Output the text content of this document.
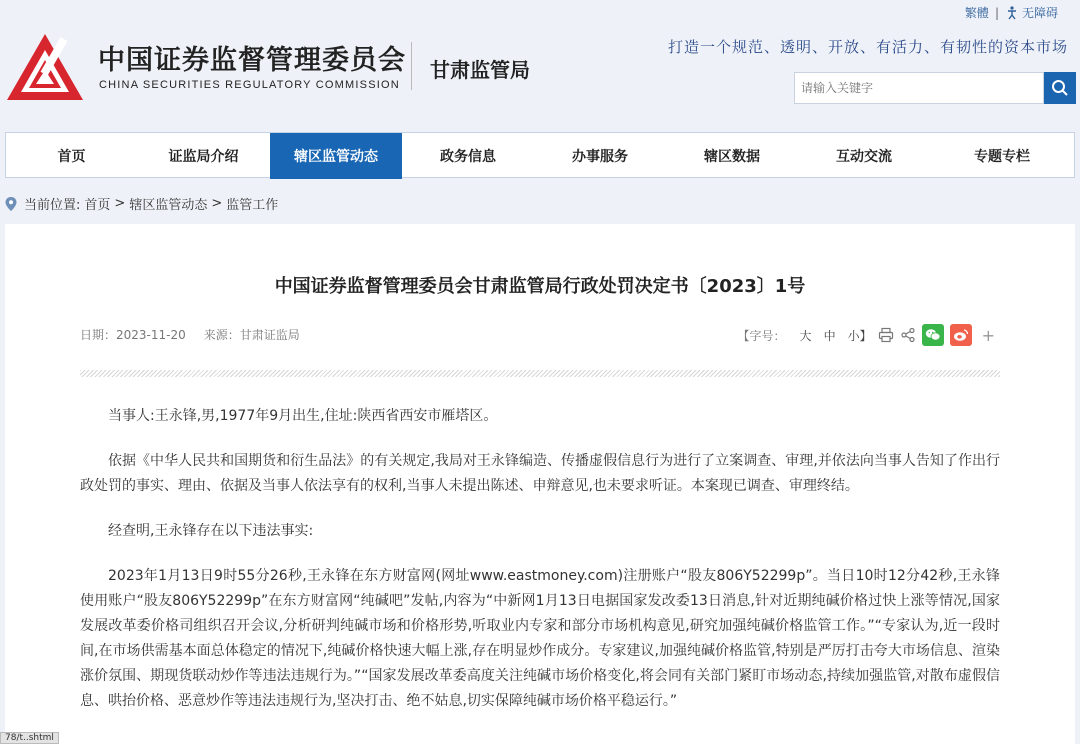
繁體 | 无障碍
中国证券监督管理委员会
CHINA SECURITIES REGULATORY COMMISSION
甘肃监管局
打造一个规范、透明、开放、有活力、有韧性的资本市场
请输入关键字
首页	证监局介绍	辖区监管动态	政务信息	办事服务	辖区数据	互动交流	专题专栏
当前位置: 首页 > 辖区监管动态 > 监管工作
中国证券监督管理委员会甘肃监管局行政处罚决定书〔2023〕1号
日期：2023-11-20 来源：甘肃证监局	【字号： 大 中 小】	+

当事人:王永锋,男,1977年9月出生,住址:陕西省西安市雁塔区。

依据《中华人民共和国期货和衍生品法》的有关规定,我局对王永锋编造、传播虚假信息行为进行了立案调查、审理,并依法向当事人告知了作出行政处罚的事实、理由、依据及当事人依法享有的权利,当事人未提出陈述、申辩意见,也未要求听证。本案现已调查、审理终结。

经查明,王永锋存在以下违法事实:

2023年1月13日9时55分26秒,王永锋在东方财富网(网址www.eastmoney.com)注册账户“股友806Y52299p”。当日10时12分42秒,王永锋使用账户“股友806Y52299p”在东方财富网“纯碱吧”发帖,内容为“中新网1月13日电据国家发改委13日消息,针对近期纯碱价格过快上涨等情况,国家发展改革委价格司组织召开会议,分析研判纯碱市场和价格形势,听取业内专家和部分市场机构意见,研究加强纯碱价格监管工作。”“专家认为,近一段时间,在市场供需基本面总体稳定的情况下,纯碱价格快速大幅上涨,存在明显炒作成分。专家建议,加强纯碱价格监管,特别是严厉打击夸大市场信息、渲染涨价氛围、期现货联动炒作等违法违规行为。”“国家发展改革委高度关注纯碱市场价格变化,将会同有关部门紧盯市场动态,持续加强监管,对散布虚假信息、哄抬价格、恶意炒作等违法违规行为,坚决打击、绝不姑息,切实保障纯碱市场价格平稳运行。”

78/t..shtml
